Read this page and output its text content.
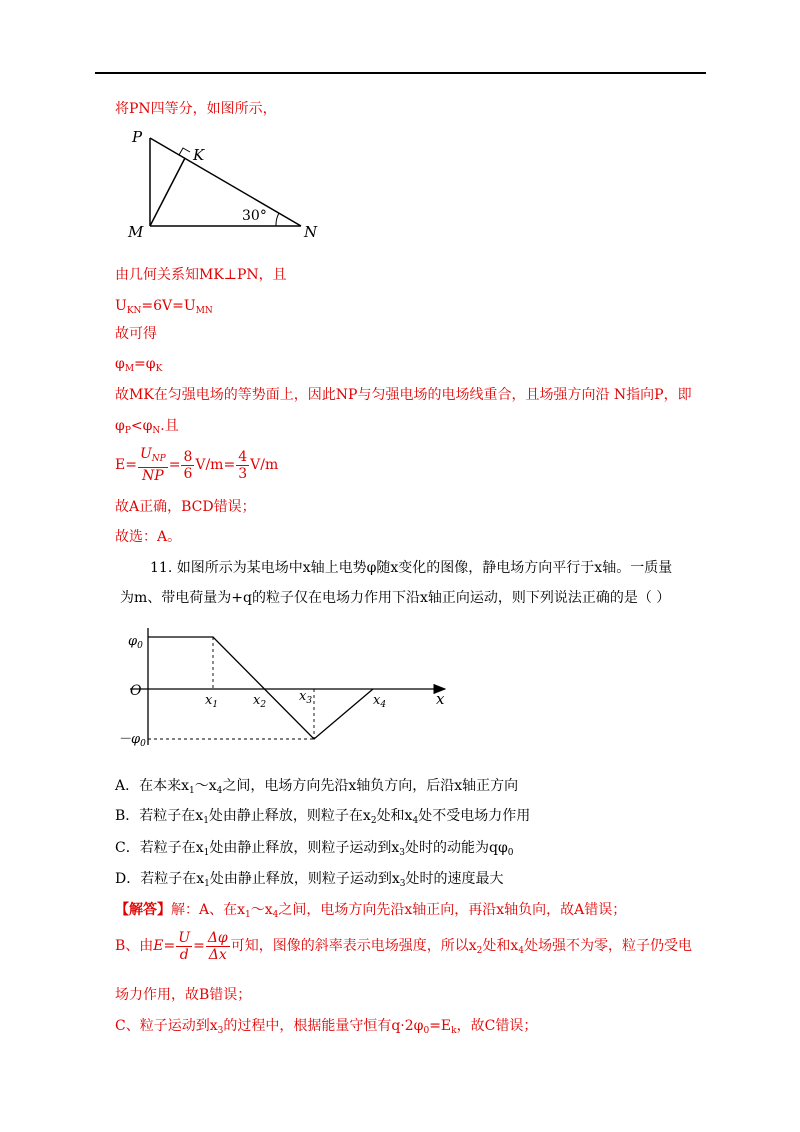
将PN四等分，如图所示，
P
K
M	N
30°
由几何关系知MK⊥PN，且
$U_{KN}=6V=U_{MN}$
故可得
$\varphi_M=\varphi_K$
故MK在匀强电场的等势面上，因此NP与匀强电场的电场线重合，且场强方向沿 N指向P，即
$\varphi_P<\varphi_N$.且
$E= \frac{U_{NP}}{NP} = \frac{8}{6} V/m= \frac{4}{3} V/m$
故A正确，BCD错误；
故选：A。
11. 如图所示为某电场中x轴上电势φ随x变化的图像，静电场方向平行于x轴。一质量
为m、带电荷量为+q的粒子仅在电场力作用下沿x轴正向运动，则下列说法正确的是（ ）
$\varphi_0$
$-\varphi_0$
O	x
$x_1$	$x_2$
$x_3$	$x_4$
A．在本来$x_1\sim x_4$之间，电场方向先沿x轴负方向，后沿x轴正方向
B．若粒子在$x_1$处由静止释放，则粒子在$x_2$处和$x_4$处不受电场力作用
C．若粒子在$x_1$处由静止释放，则粒子运动到$x_3$处时的动能为$q\varphi_0$
D．若粒子在$x_1$处由静止释放，则粒子运动到$x_3$处时的速度最大
【解答】解：A、在$x_1\sim x_4$之间，电场方向先沿x轴正向，再沿x轴负向，故A错误；
B、由$E= \frac{U}{d} = \frac{\Delta\varphi}{\Delta x}$ 可知，图像的斜率表示电场强度，所以$x_2$处和$x_4$处场强不为零，粒子仍受电
场力作用，故B错误；
C、粒子运动到$x_3$的过程中，根据能量守恒有$q\cdot 2\varphi_0=E_k$，故C错误；
